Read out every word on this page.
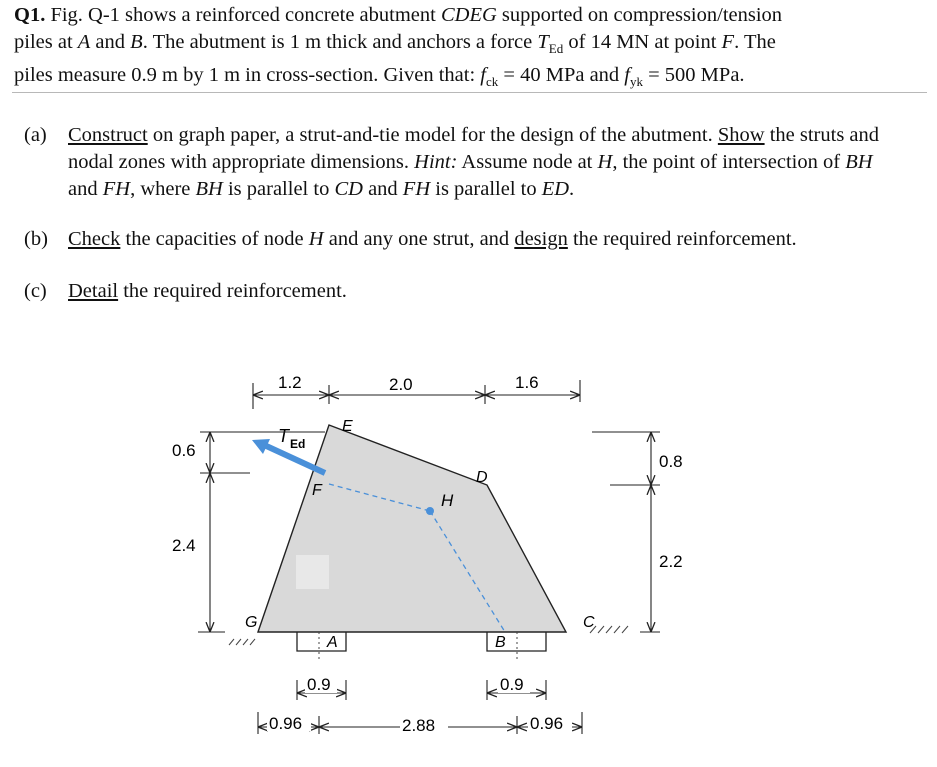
Q1. Fig. Q-1 shows a reinforced concrete abutment CDEG supported on compression/tension
piles at A and B. The abutment is 1 m thick and anchors a force $T_{Ed}$ of 14 MN at point F. The
piles measure 0.9 m by 1 m in cross-section. Given that: $f_{ck} = 40$ MPa and $f_{yk} = 500$ MPa.
(a) Construct on graph paper, a strut-and-tie model for the design of the abutment. Show the struts and nodal zones with appropriate dimensions. Hint: Assume node at H, the point of intersection of BH and FH, where BH is parallel to CD and FH is parallel to ED.
(b) Check the capacities of node H and any one strut, and design the required reinforcement.
(c) Detail the required reinforcement.
E
D
F
H
G	C
A	B
T Ed
1.2	2.0	1.6
0.6
2.4
0.8
2.2
0.9	0.9
0.96	2.88	0.96
